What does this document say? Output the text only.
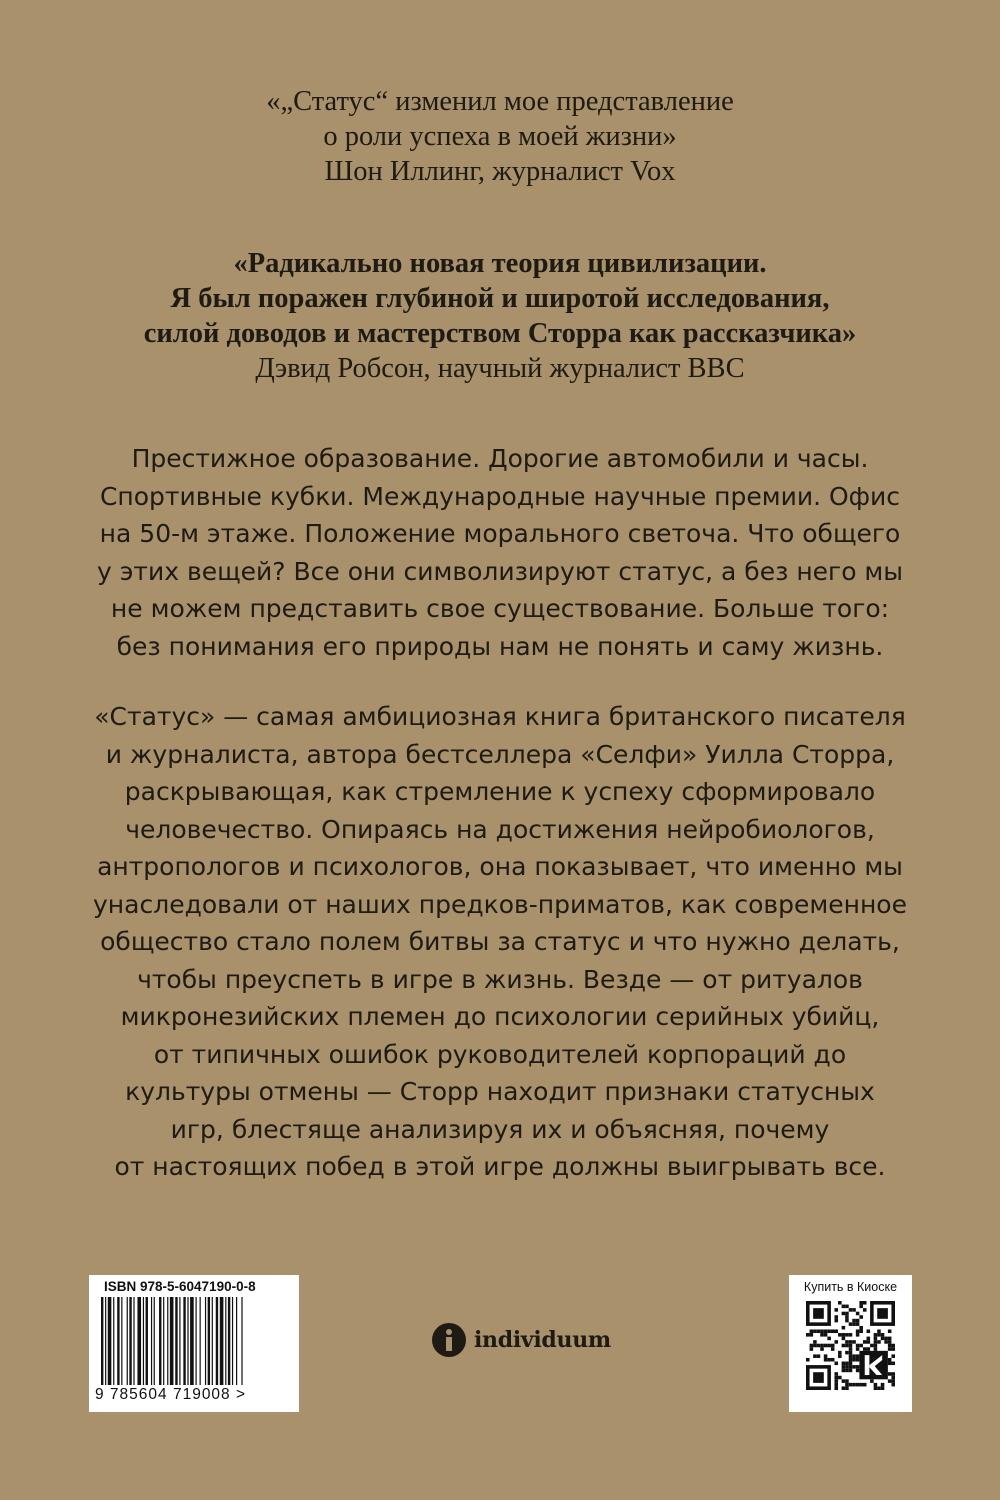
«„Статус“ изменил мое представление
о роли успеха в моей жизни»
Шон Иллинг, журналист Vox
«Радикально новая теория цивилизации.
Я был поражен глубиной и широтой исследования,
силой доводов и мастерством Сторра как рассказчика»
Дэвид Робсон, научный журналист BBC
Престижное образование. Дорогие автомобили и часы.
Спортивные кубки. Международные научные премии. Офис
на 50-м этаже. Положение морального светоча. Что общего
у этих вещей? Все они символизируют статус, а без него мы
не можем представить свое существование. Больше того:
без понимания его природы нам не понять и саму жизнь.
«Статус» — самая амбициозная книга британского писателя
и журналиста, автора бестселлера «Селфи» Уилла Сторра,
раскрывающая, как стремление к успеху сформировало
человечество. Опираясь на достижения нейробиологов,
антропологов и психологов, она показывает, что именно мы
унаследовали от наших предков-приматов, как современное
общество стало полем битвы за статус и что нужно делать,
чтобы преуспеть в игре в жизнь. Везде — от ритуалов
микронезийских племен до психологии серийных убийц,
от типичных ошибок руководителей корпораций до
культуры отмены — Сторр находит признаки статусных
игр, блестяще анализируя их и объясняя, почему
от настоящих побед в этой игре должны выигрывать все.
ISBN 978-5-6047190-0-8
9 785604 719008 >
individuum
Купить в Киоске
